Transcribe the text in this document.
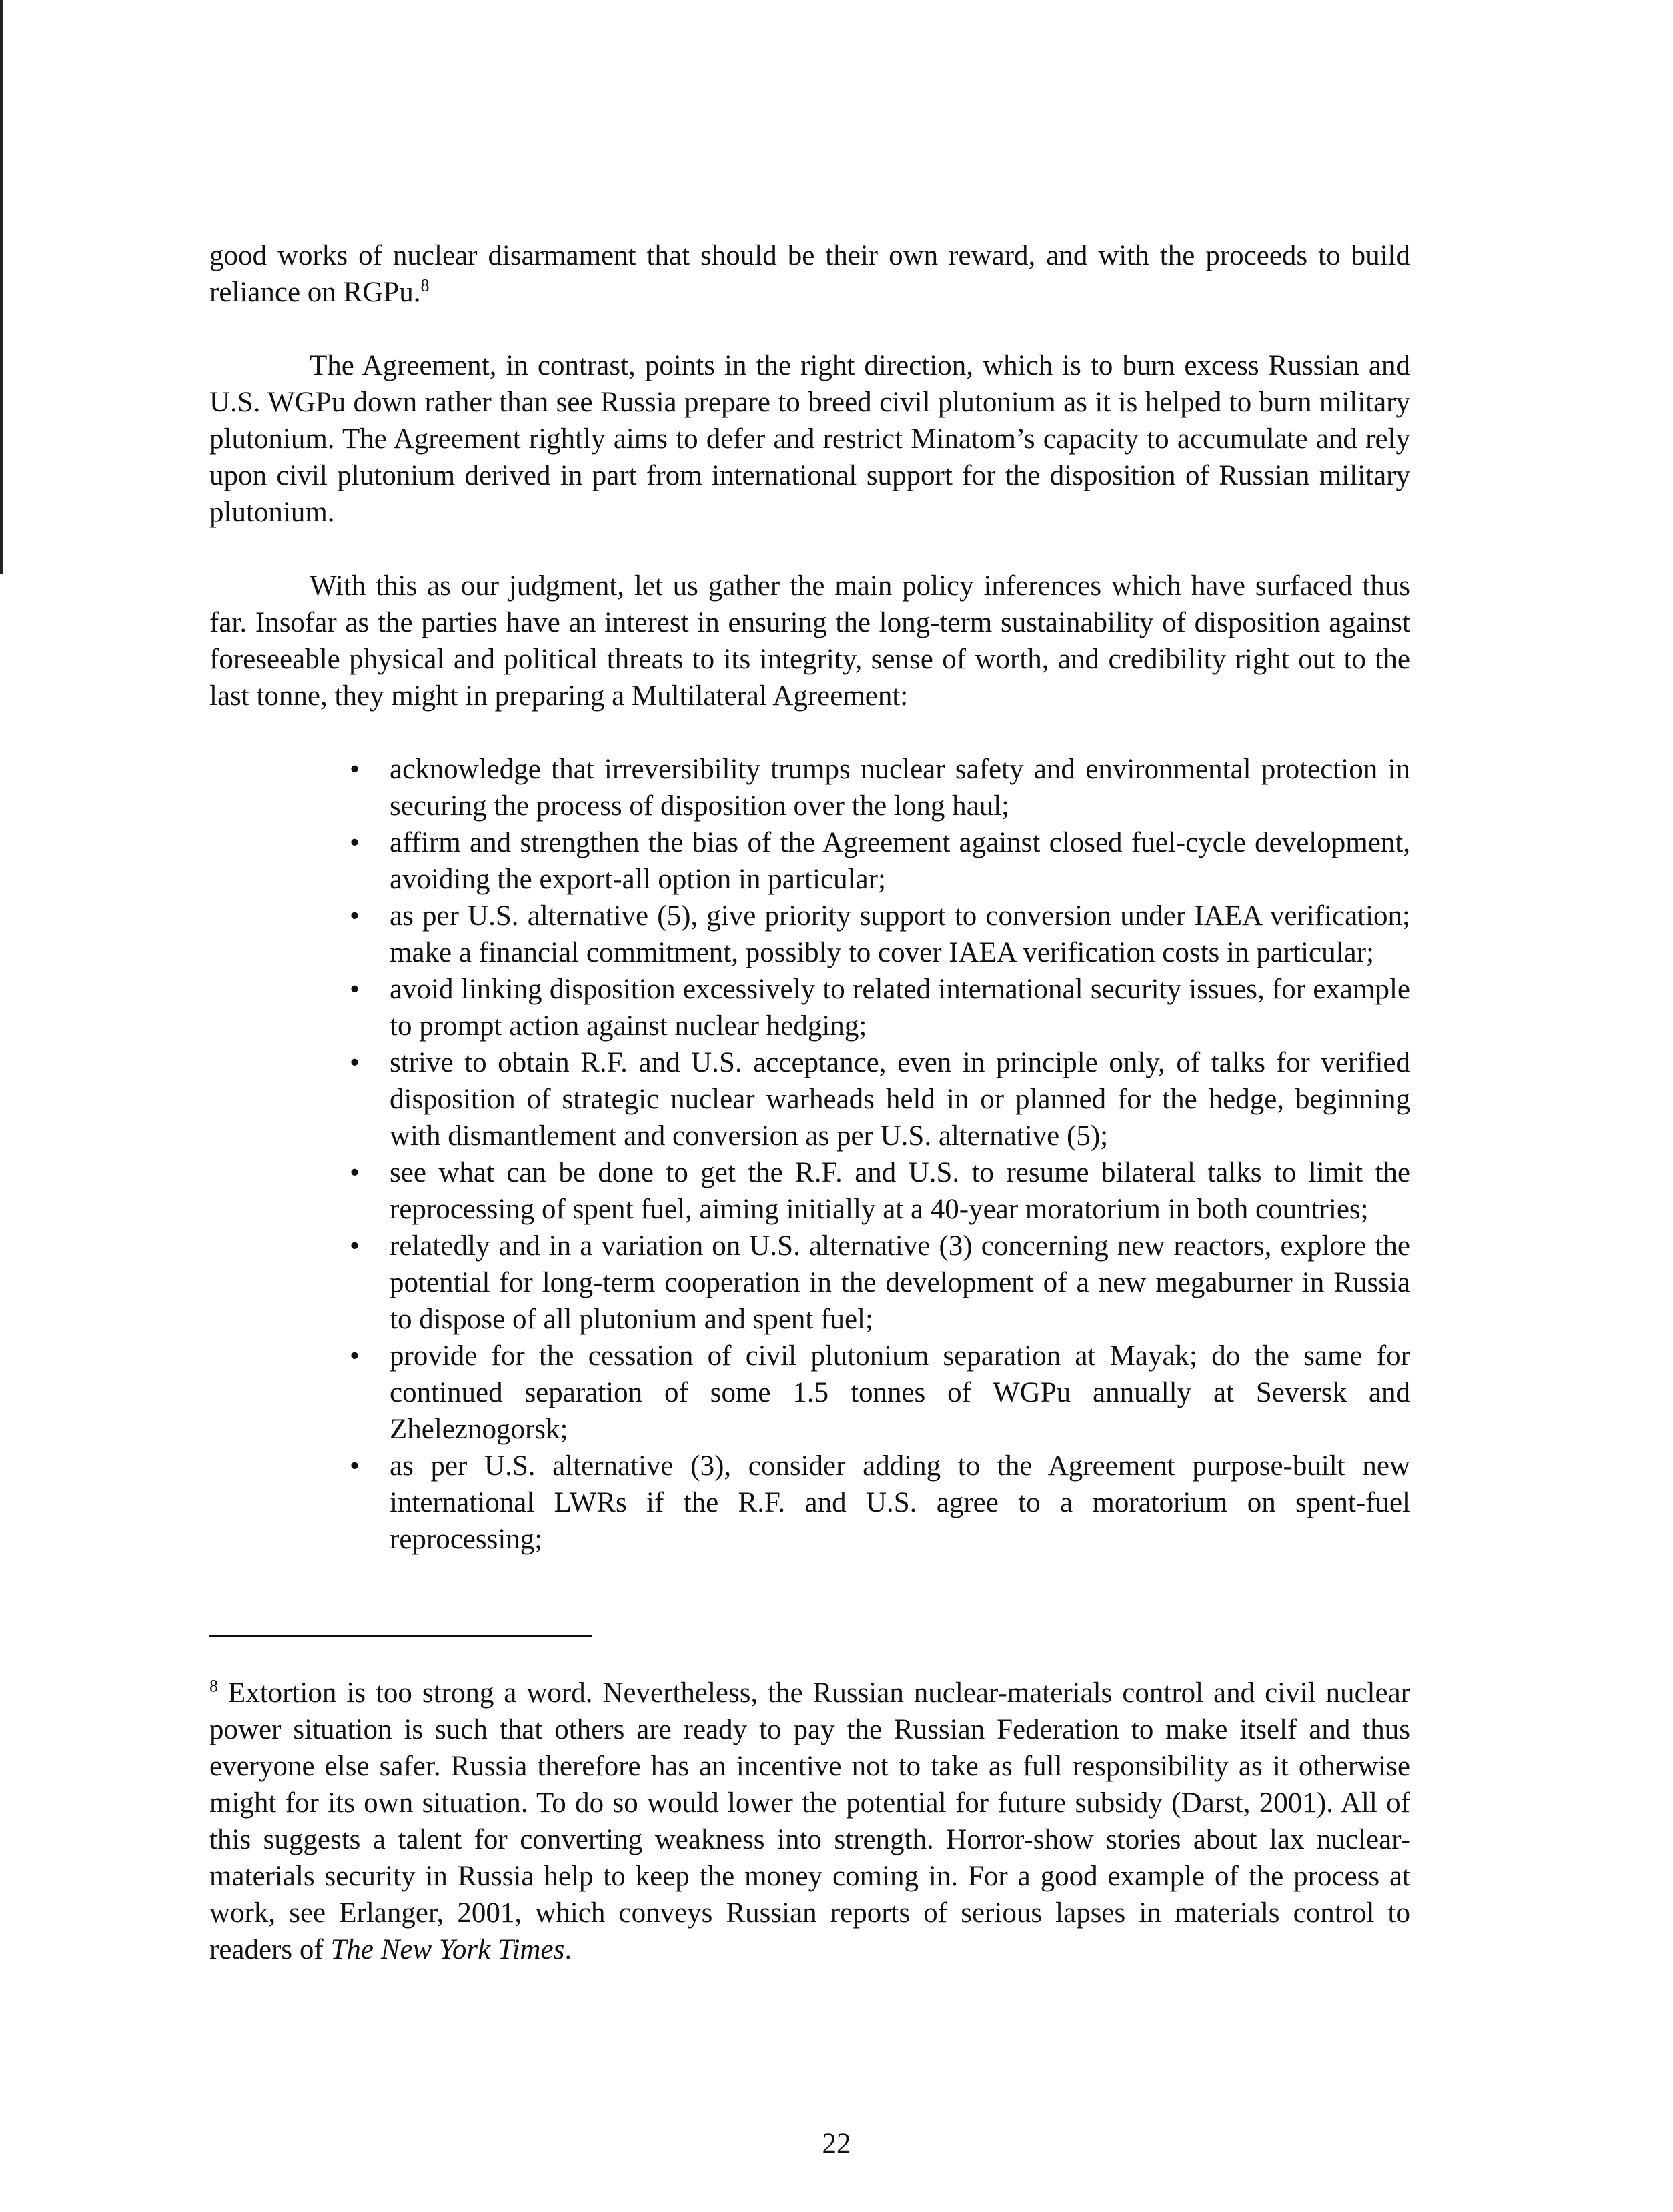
good works of nuclear disarmament that should be their own reward, and with the proceeds to build reliance on RGPu.$^8$

The Agreement, in contrast, points in the right direction, which is to burn excess Russian and U.S. WGPu down rather than see Russia prepare to breed civil plutonium as it is helped to burn military plutonium. The Agreement rightly aims to defer and restrict Minatom’s capacity to accumulate and rely upon civil plutonium derived in part from international support for the disposition of Russian military plutonium.

With this as our judgment, let us gather the main policy inferences which have surfaced thus far. Insofar as the parties have an interest in ensuring the long-term sustainability of disposition against foreseeable physical and political threats to its integrity, sense of worth, and credibility right out to the last tonne, they might in preparing a Multilateral Agreement:

• acknowledge that irreversibility trumps nuclear safety and environmental protection in securing the process of disposition over the long haul;
• affirm and strengthen the bias of the Agreement against closed fuel-cycle development, avoiding the export-all option in particular;
• as per U.S. alternative (5), give priority support to conversion under IAEA verification; make a financial commitment, possibly to cover IAEA verification costs in particular;
• avoid linking disposition excessively to related international security issues, for example to prompt action against nuclear hedging;
• strive to obtain R.F. and U.S. acceptance, even in principle only, of talks for verified disposition of strategic nuclear warheads held in or planned for the hedge, beginning with dismantlement and conversion as per U.S. alternative (5);
• see what can be done to get the R.F. and U.S. to resume bilateral talks to limit the reprocessing of spent fuel, aiming initially at a 40-year moratorium in both countries;
• relatedly and in a variation on U.S. alternative (3) concerning new reactors, explore the potential for long-term cooperation in the development of a new megaburner in Russia to dispose of all plutonium and spent fuel;
• provide for the cessation of civil plutonium separation at Mayak; do the same for continued separation of some 1.5 tonnes of WGPu annually at Seversk and Zheleznogorsk;
• as per U.S. alternative (3), consider adding to the Agreement purpose-built new international LWRs if the R.F. and U.S. agree to a moratorium on spent-fuel reprocessing;

$^8$ Extortion is too strong a word. Nevertheless, the Russian nuclear-materials control and civil nuclear power situation is such that others are ready to pay the Russian Federation to make itself and thus everyone else safer. Russia therefore has an incentive not to take as full responsibility as it otherwise might for its own situation. To do so would lower the potential for future subsidy (Darst, 2001). All of this suggests a talent for converting weakness into strength. Horror-show stories about lax nuclear-materials security in Russia help to keep the money coming in. For a good example of the process at work, see Erlanger, 2001, which conveys Russian reports of serious lapses in materials control to readers of The New York Times.

22
